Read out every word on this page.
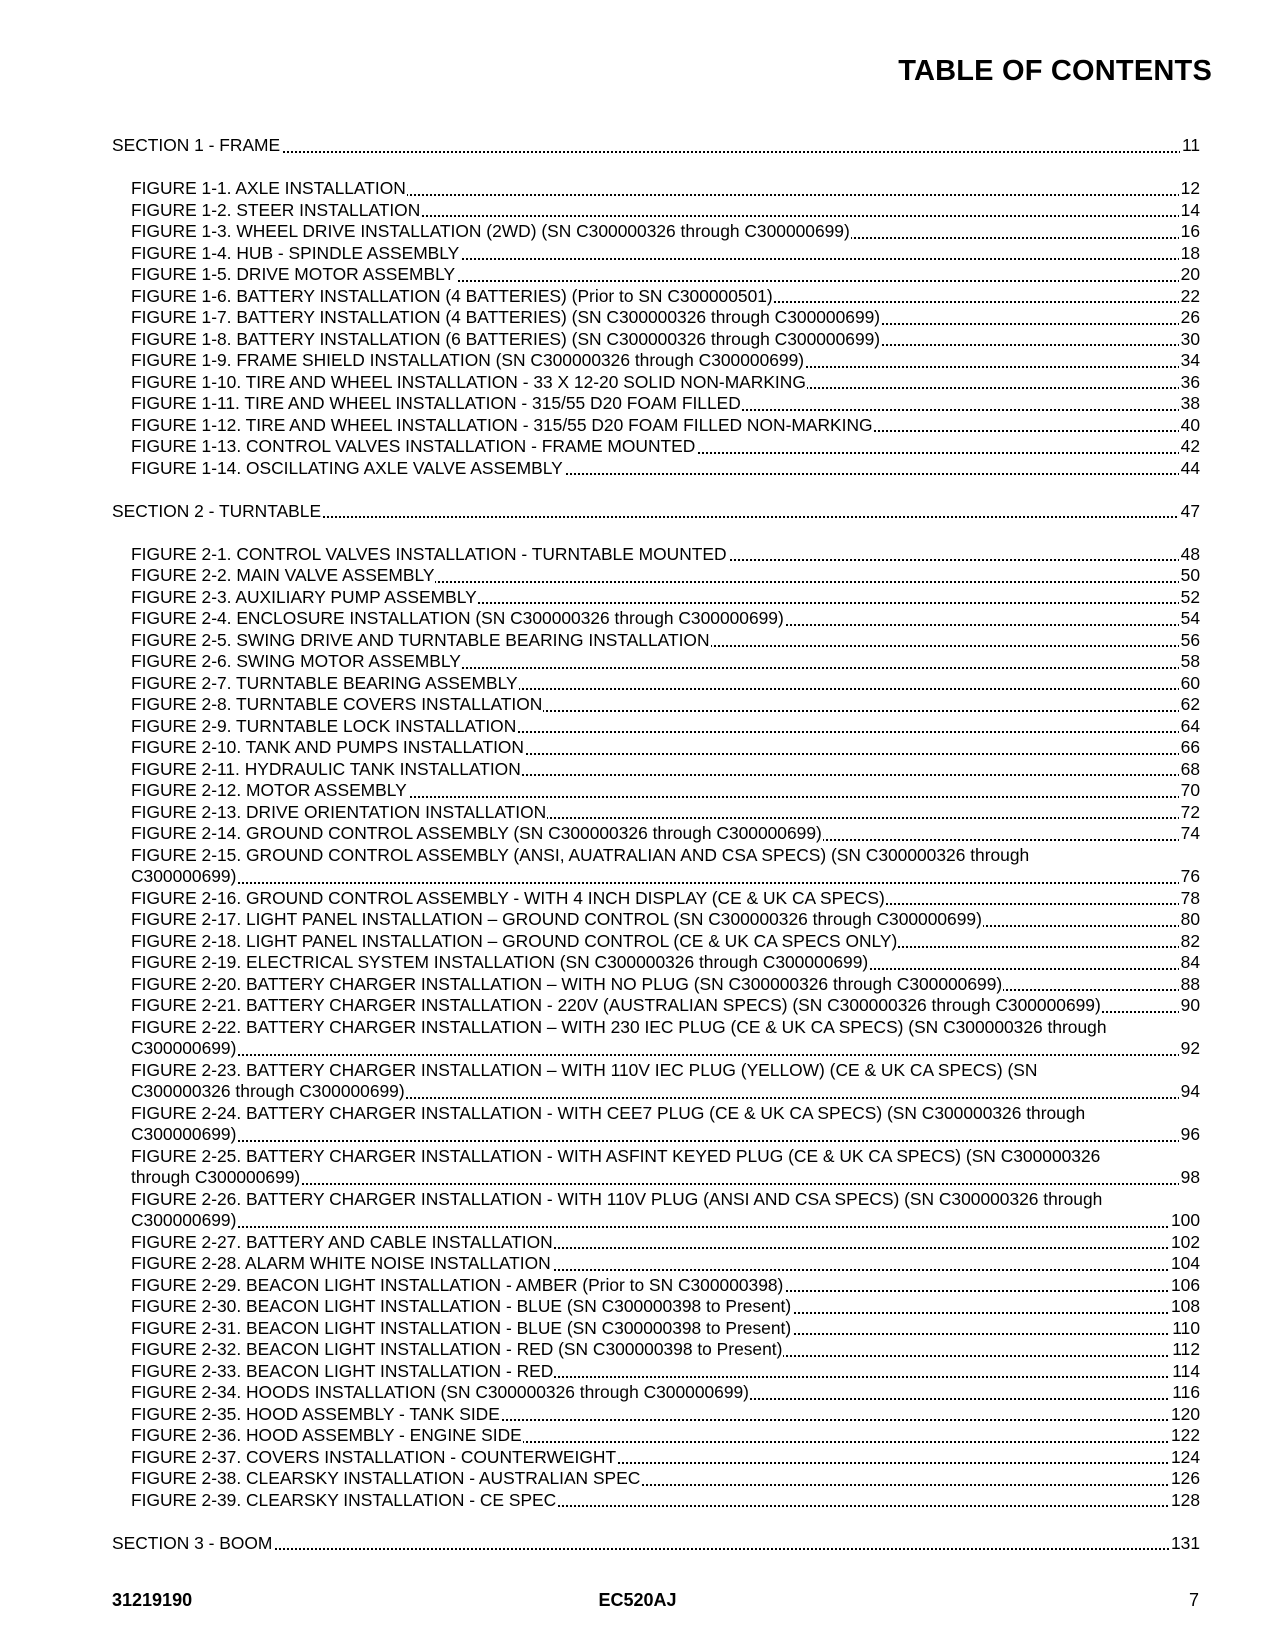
TABLE OF CONTENTS
SECTION 1 - FRAME	11
FIGURE 1-1. AXLE INSTALLATION	12
FIGURE 1-2. STEER INSTALLATION	14
FIGURE 1-3. WHEEL DRIVE INSTALLATION (2WD) (SN C300000326 through C300000699)	16
FIGURE 1-4. HUB - SPINDLE ASSEMBLY	18
FIGURE 1-5. DRIVE MOTOR ASSEMBLY	20
FIGURE 1-6. BATTERY INSTALLATION (4 BATTERIES) (Prior to SN C300000501)	22
FIGURE 1-7. BATTERY INSTALLATION (4 BATTERIES) (SN C300000326 through C300000699)	26
FIGURE 1-8. BATTERY INSTALLATION (6 BATTERIES) (SN C300000326 through C300000699)	30
FIGURE 1-9. FRAME SHIELD INSTALLATION (SN C300000326 through C300000699)	34
FIGURE 1-10. TIRE AND WHEEL INSTALLATION - 33 X 12-20 SOLID NON-MARKING	36
FIGURE 1-11. TIRE AND WHEEL INSTALLATION - 315/55 D20 FOAM FILLED	38
FIGURE 1-12. TIRE AND WHEEL INSTALLATION - 315/55 D20 FOAM FILLED NON-MARKING	40
FIGURE 1-13. CONTROL VALVES INSTALLATION - FRAME MOUNTED	42
FIGURE 1-14. OSCILLATING AXLE VALVE ASSEMBLY	44
SECTION 2 - TURNTABLE	47
FIGURE 2-1. CONTROL VALVES INSTALLATION - TURNTABLE MOUNTED	48
FIGURE 2-2. MAIN VALVE ASSEMBLY	50
FIGURE 2-3. AUXILIARY PUMP ASSEMBLY	52
FIGURE 2-4. ENCLOSURE INSTALLATION (SN C300000326 through C300000699)	54
FIGURE 2-5. SWING DRIVE AND TURNTABLE BEARING INSTALLATION	56
FIGURE 2-6. SWING MOTOR ASSEMBLY	58
FIGURE 2-7. TURNTABLE BEARING ASSEMBLY	60
FIGURE 2-8. TURNTABLE COVERS INSTALLATION	62
FIGURE 2-9. TURNTABLE LOCK INSTALLATION	64
FIGURE 2-10. TANK AND PUMPS INSTALLATION	66
FIGURE 2-11. HYDRAULIC TANK INSTALLATION	68
FIGURE 2-12. MOTOR ASSEMBLY	70
FIGURE 2-13. DRIVE ORIENTATION INSTALLATION	72
FIGURE 2-14. GROUND CONTROL ASSEMBLY (SN C300000326 through C300000699)	74
FIGURE 2-15. GROUND CONTROL ASSEMBLY (ANSI, AUATRALIAN AND CSA SPECS) (SN C300000326 through
C300000699)	76
FIGURE 2-16. GROUND CONTROL ASSEMBLY - WITH 4 INCH DISPLAY (CE & UK CA SPECS)	78
FIGURE 2-17. LIGHT PANEL INSTALLATION – GROUND CONTROL (SN C300000326 through C300000699)	80
FIGURE 2-18. LIGHT PANEL INSTALLATION – GROUND CONTROL (CE & UK CA SPECS ONLY)	82
FIGURE 2-19. ELECTRICAL SYSTEM INSTALLATION (SN C300000326 through C300000699)	84
FIGURE 2-20. BATTERY CHARGER INSTALLATION – WITH NO PLUG (SN C300000326 through C300000699)	88
FIGURE 2-21. BATTERY CHARGER INSTALLATION - 220V (AUSTRALIAN SPECS) (SN C300000326 through C300000699)	90
FIGURE 2-22. BATTERY CHARGER INSTALLATION – WITH 230 IEC PLUG (CE & UK CA SPECS) (SN C300000326 through
C300000699)	92
FIGURE 2-23. BATTERY CHARGER INSTALLATION – WITH 110V IEC PLUG (YELLOW) (CE & UK CA SPECS) (SN
C300000326 through C300000699)	94
FIGURE 2-24. BATTERY CHARGER INSTALLATION - WITH CEE7 PLUG (CE & UK CA SPECS) (SN C300000326 through
C300000699)	96
FIGURE 2-25. BATTERY CHARGER INSTALLATION - WITH ASFINT KEYED PLUG (CE & UK CA SPECS) (SN C300000326
through C300000699)	98
FIGURE 2-26. BATTERY CHARGER INSTALLATION - WITH 110V PLUG (ANSI AND CSA SPECS) (SN C300000326 through
C300000699)	100
FIGURE 2-27. BATTERY AND CABLE INSTALLATION	102
FIGURE 2-28. ALARM WHITE NOISE INSTALLATION	104
FIGURE 2-29. BEACON LIGHT INSTALLATION - AMBER (Prior to SN C300000398)	106
FIGURE 2-30. BEACON LIGHT INSTALLATION - BLUE (SN C300000398 to Present)	108
FIGURE 2-31. BEACON LIGHT INSTALLATION - BLUE (SN C300000398 to Present)	110
FIGURE 2-32. BEACON LIGHT INSTALLATION - RED (SN C300000398 to Present)	112
FIGURE 2-33. BEACON LIGHT INSTALLATION - RED	114
FIGURE 2-34. HOODS INSTALLATION (SN C300000326 through C300000699)	116
FIGURE 2-35. HOOD ASSEMBLY - TANK SIDE	120
FIGURE 2-36. HOOD ASSEMBLY - ENGINE SIDE	122
FIGURE 2-37. COVERS INSTALLATION - COUNTERWEIGHT	124
FIGURE 2-38. CLEARSKY INSTALLATION - AUSTRALIAN SPEC	126
FIGURE 2-39. CLEARSKY INSTALLATION - CE SPEC	128
SECTION 3 - BOOM	131
31219190	EC520AJ	7
